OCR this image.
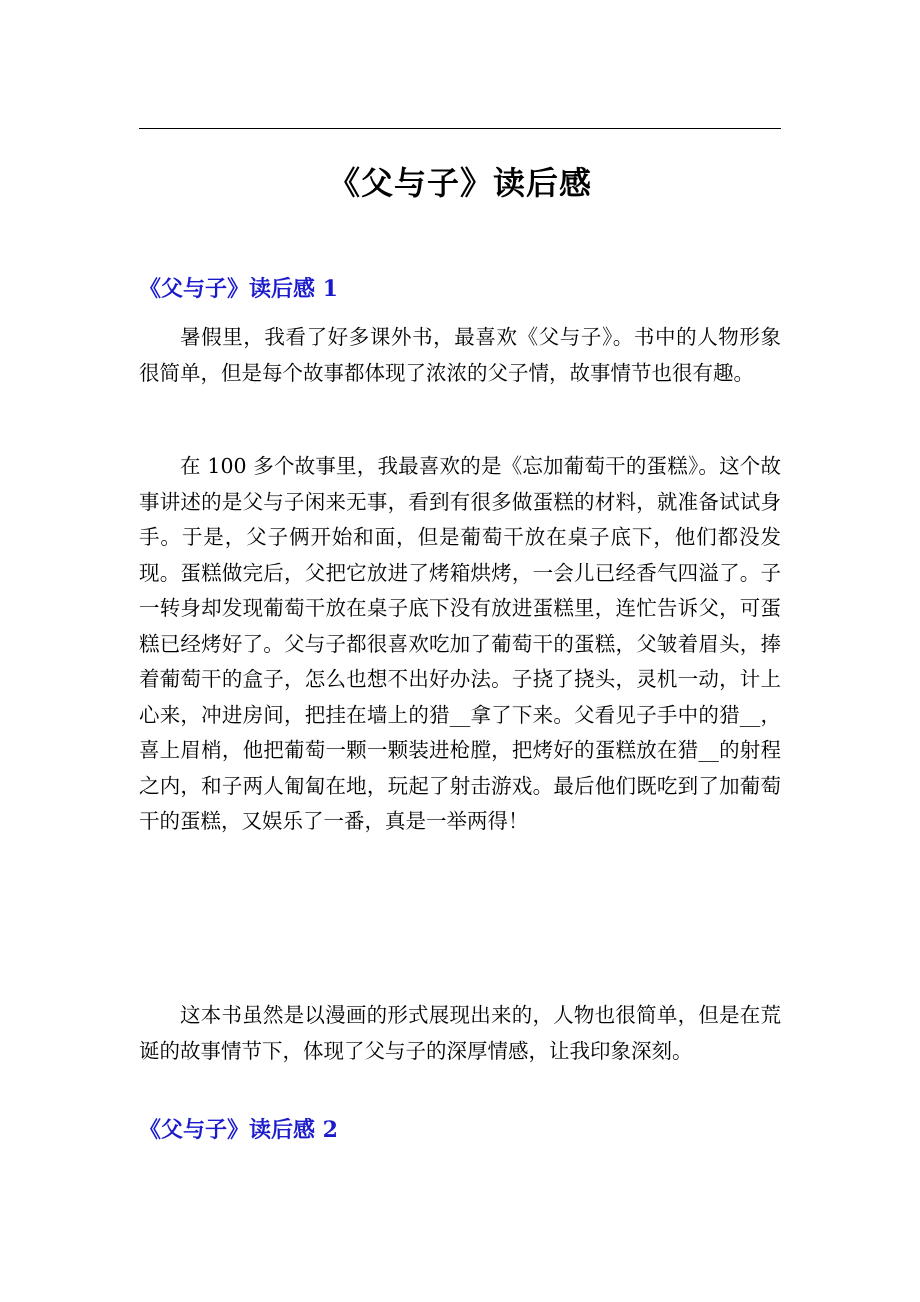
《父与子》读后感
《父与子》读后感 1

暑假里，我看了好多课外书，最喜欢《父与子》。书中的人物形象很简单，但是每个故事都体现了浓浓的父子情，故事情节也很有趣。

在 100 多个故事里，我最喜欢的是《忘加葡萄干的蛋糕》。这个故事讲述的是父与子闲来无事，看到有很多做蛋糕的材料，就准备试试身手。于是，父子俩开始和面，但是葡萄干放在桌子底下，他们都没发现。蛋糕做完后，父把它放进了烤箱烘烤，一会儿已经香气四溢了。子一转身却发现葡萄干放在桌子底下没有放进蛋糕里，连忙告诉父，可蛋糕已经烤好了。父与子都很喜欢吃加了葡萄干的蛋糕，父皱着眉头，捧着葡萄干的盒子，怎么也想不出好办法。子挠了挠头，灵机一动，计上心来，冲进房间，把挂在墙上的猎__拿了下来。父看见子手中的猎__，喜上眉梢，他把葡萄一颗一颗装进枪膛，把烤好的蛋糕放在猎__的射程之内，和子两人匍匐在地，玩起了射击游戏。最后他们既吃到了加葡萄干的蛋糕，又娱乐了一番，真是一举两得！

这本书虽然是以漫画的形式展现出来的，人物也很简单，但是在荒诞的故事情节下，体现了父与子的深厚情感，让我印象深刻。

《父与子》读后感 2
